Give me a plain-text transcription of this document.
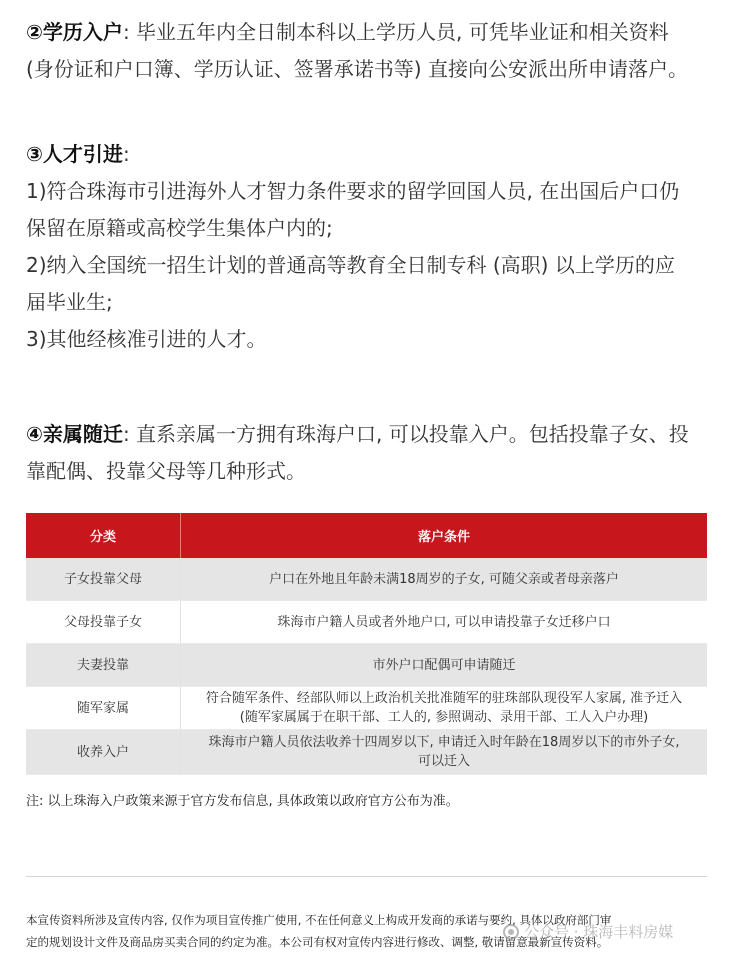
②学历入户: 毕业五年内全日制本科以上学历人员, 可凭毕业证和相关资料
(身份证和户口簿、学历认证、签署承诺书等) 直接向公安派出所申请落户。
③人才引进:
1)符合珠海市引进海外人才智力条件要求的留学回国人员, 在出国后户口仍
保留在原籍或高校学生集体户内的;
2)纳入全国统一招生计划的普通高等教育全日制专科 (高职) 以上学历的应
届毕业生;
3)其他经核准引进的人才。
④亲属随迁: 直系亲属一方拥有珠海户口, 可以投靠入户。包括投靠子女、投
靠配偶、投靠父母等几种形式。
分类	落户条件
子女投靠父母	户口在外地且年龄未满18周岁的子女, 可随父亲或者母亲落户

父母投靠子女	珠海市户籍人员或者外地户口, 可以申请投靠子女迁移户口

夫妻投靠	市外户口配偶可申请随迁

随军家属	符合随军条件、经部队师以上政治机关批准随军的驻珠部队现役军人家属, 准予迁入
(随军家属属于在职干部、工人的, 参照调动、录用干部、工人入户办理)

收养入户	珠海市户籍人员依法收养十四周岁以下, 申请迁入时年龄在18周岁以下的市外子女,
可以迁入
注: 以上珠海入户政策来源于官方发布信息, 具体政策以政府官方公布为准。
本宣传资料所涉及宣传内容, 仅作为项目宣传推广使用, 不在任何意义上构成开发商的承诺与要约, 具体以政府部门审
定的规划设计文件及商品房买卖合同的约定为准。本公司有权对宣传内容进行修改、调整, 敬请留意最新宣传资料。
公众号 · 珠海丰料房媒
